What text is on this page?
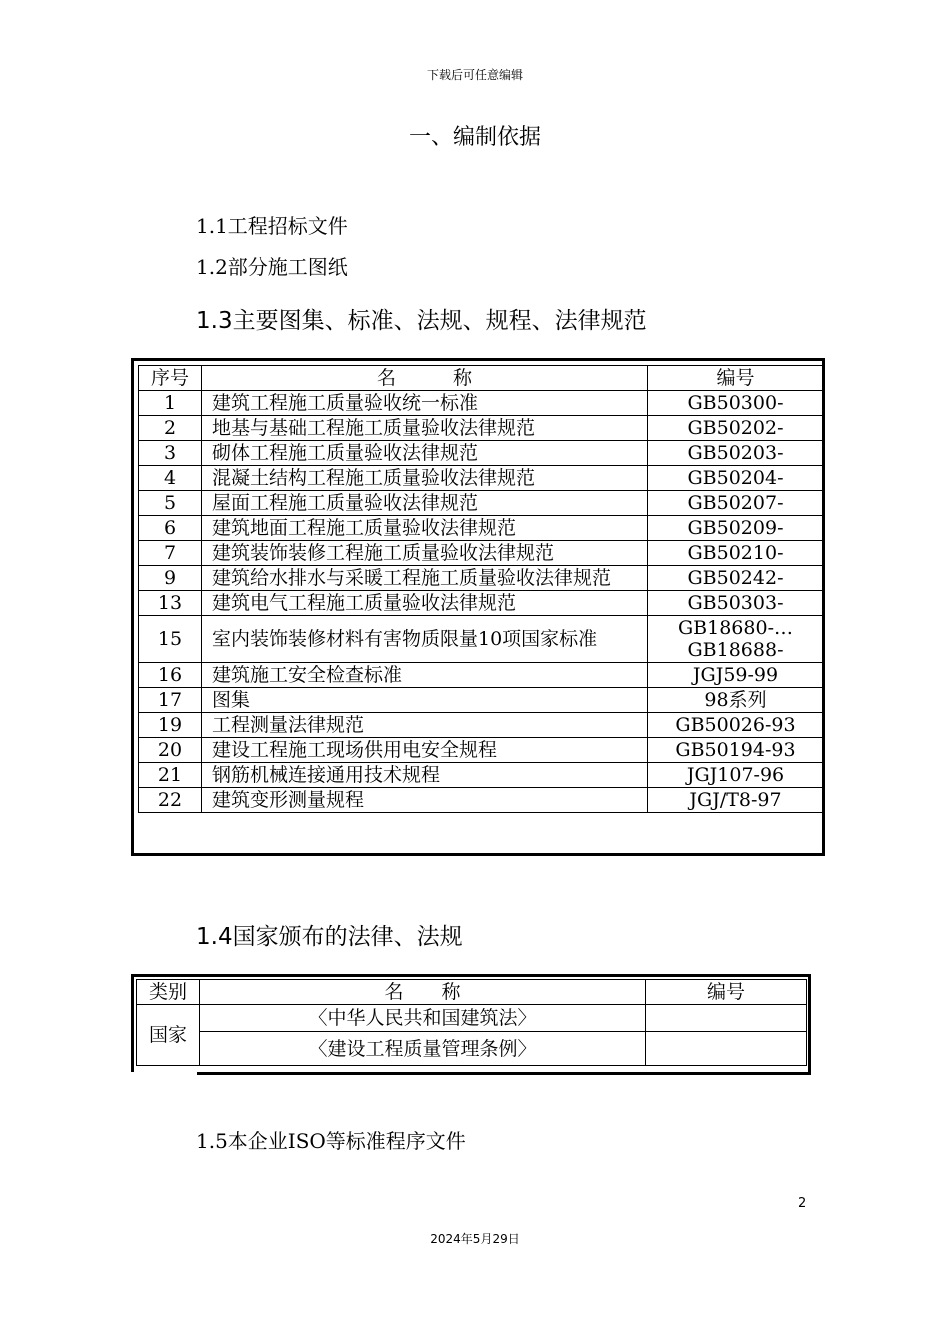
下载后可任意编辑
一、编制依据
1.1工程招标文件
1.2部分施工图纸
1.3主要图集、标准、法规、规程、法律规范
序号	名　　　称	编号
1	建筑工程施工质量验收统一标准	GB50300-
2	地基与基础工程施工质量验收法律规范	GB50202-
3	砌体工程施工质量验收法律规范	GB50203-
4	混凝土结构工程施工质量验收法律规范	GB50204-
5	屋面工程施工质量验收法律规范	GB50207-
6	建筑地面工程施工质量验收法律规范	GB50209-
7	建筑装饰装修工程施工质量验收法律规范	GB50210-
9	建筑给水排水与采暖工程施工质量验收法律规范	GB50242-
13	建筑电气工程施工质量验收法律规范	GB50303-
15	室内装饰装修材料有害物质限量10项国家标准	GB18680-…GB18688-
16	建筑施工安全检查标准	JGJ59-99
17	图集	98系列
19	工程测量法律规范	GB50026-93
20	建设工程施工现场供用电安全规程	GB50194-93
21	钢筋机械连接通用技术规程	JGJ107-96
22	建筑变形测量规程	JGJ/T8-97
1.4国家颁布的法律、法规
类别	名　　称	编号
国家	〈中华人民共和国建筑法〉	
	〈建设工程质量管理条例〉	
1.5本企业ISO等标准程序文件
2
2024年5月29日
